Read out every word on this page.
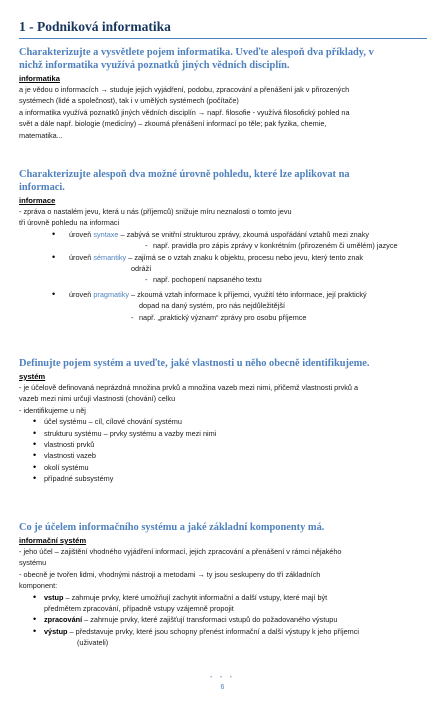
1 - Podniková informatika
Charakterizujte a vysvětlete pojem informatika. Uveďte alespoň dva příklady, v
nichž informatika využívá poznatků jiných vědních disciplín.
informatika
a je vědou o informacích → studuje jejich vyjádření, podobu, zpracování a přenášení jak v přirozených
systémech (lidé a společnost), tak i v umělých systémech (počítače)
a informatika využívá poznatků jiných vědních disciplín → např. filosofie - využívá filosofický pohled na
svět a dále např. biologie (medicíny) – zkoumá přenášení informací po těle; pak fyzika, chemie,
matematika...
Charakterizujte alespoň dva možné úrovně pohledu, které lze aplikovat na
informaci.
informace
- zpráva o nastalém jevu, která u nás (příjemců) snižuje míru neznalosti o tomto jevu
tři úrovně pohledu na informaci
• úroveň syntaxe – zabývá se vnitřní strukturou zprávy, zkoumá uspořádání vztahů mezi znaky
- např. pravidla pro zápis zprávy v konkrétním (přirozeném či umělém) jazyce
• úroveň sémantiky – zajímá se o vztah znaku k objektu, procesu nebo jevu, který tento znak
odráží
- např. pochopení napsaného textu
• úroveň pragmatiky – zkoumá vztah informace k příjemci, využití této informace, její praktický
dopad na daný systém, pro nás nejdůležitější
- např. „praktický význam“ zprávy pro osobu příjemce
Definujte pojem systém a uveďte, jaké vlastnosti u něho obecně identifikujeme.
systém
- je účelově definovaná neprázdná množina prvků a množina vazeb mezi nimi, přičemž vlastnosti prvků a
vazeb mezi nimi určují vlastnosti (chování) celku
- identifikujeme u něj
• účel systému – cíl, cílové chování systému
• strukturu systému – prvky systému a vazby mezi nimi
• vlastnosti prvků
• vlastnosti vazeb
• okolí systému
• případné subsystémy
Co je účelem informačního systému a jaké základní komponenty má.
informační systém
- jeho účel – zajištění vhodného vyjádření informací, jejich zpracování a přenášení v rámci nějakého
systému
- obecně je tvořen lidmi, vhodnými nástroji a metodami → ty jsou seskupeny do tří základních
komponent:
• vstup – zahrnuje prvky, které umožňují zachytit informační a další vstupy, které mají být
předmětem zpracování, případně vstupy vzájemně propojit
• zpracování – zahrnuje prvky, které zajišťují transformaci vstupů do požadovaného výstupu
• výstup – představuje prvky, které jsou schopny přenést informační a další výstupy k jeho příjemci
(uživateli)
• • •
6
